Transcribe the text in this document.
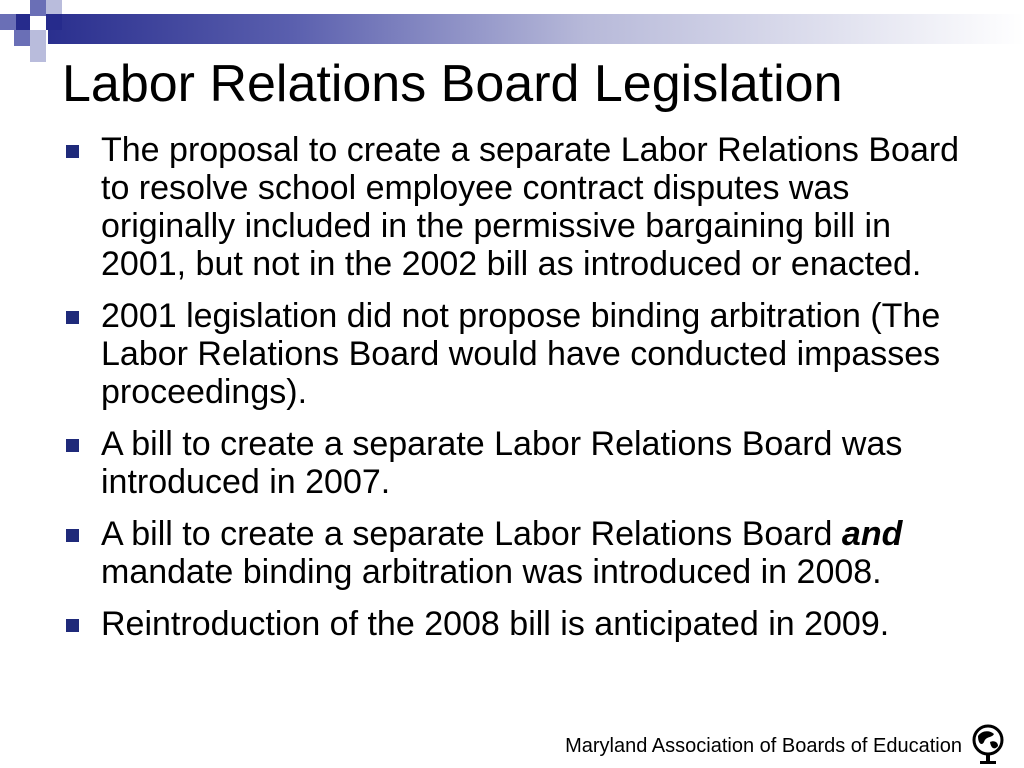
Labor Relations Board Legislation
The proposal to create a separate Labor Relations Board to resolve school employee contract disputes was originally included in the permissive bargaining bill in 2001, but not in the 2002 bill as introduced or enacted.
2001 legislation did not propose binding arbitration (The Labor Relations Board would have conducted impasses proceedings).
A bill to create a separate Labor Relations Board was introduced in 2007.
A bill to create a separate Labor Relations Board and mandate binding arbitration was introduced in 2008.
Reintroduction of the 2008 bill is anticipated in 2009.
Maryland Association of Boards of Education
